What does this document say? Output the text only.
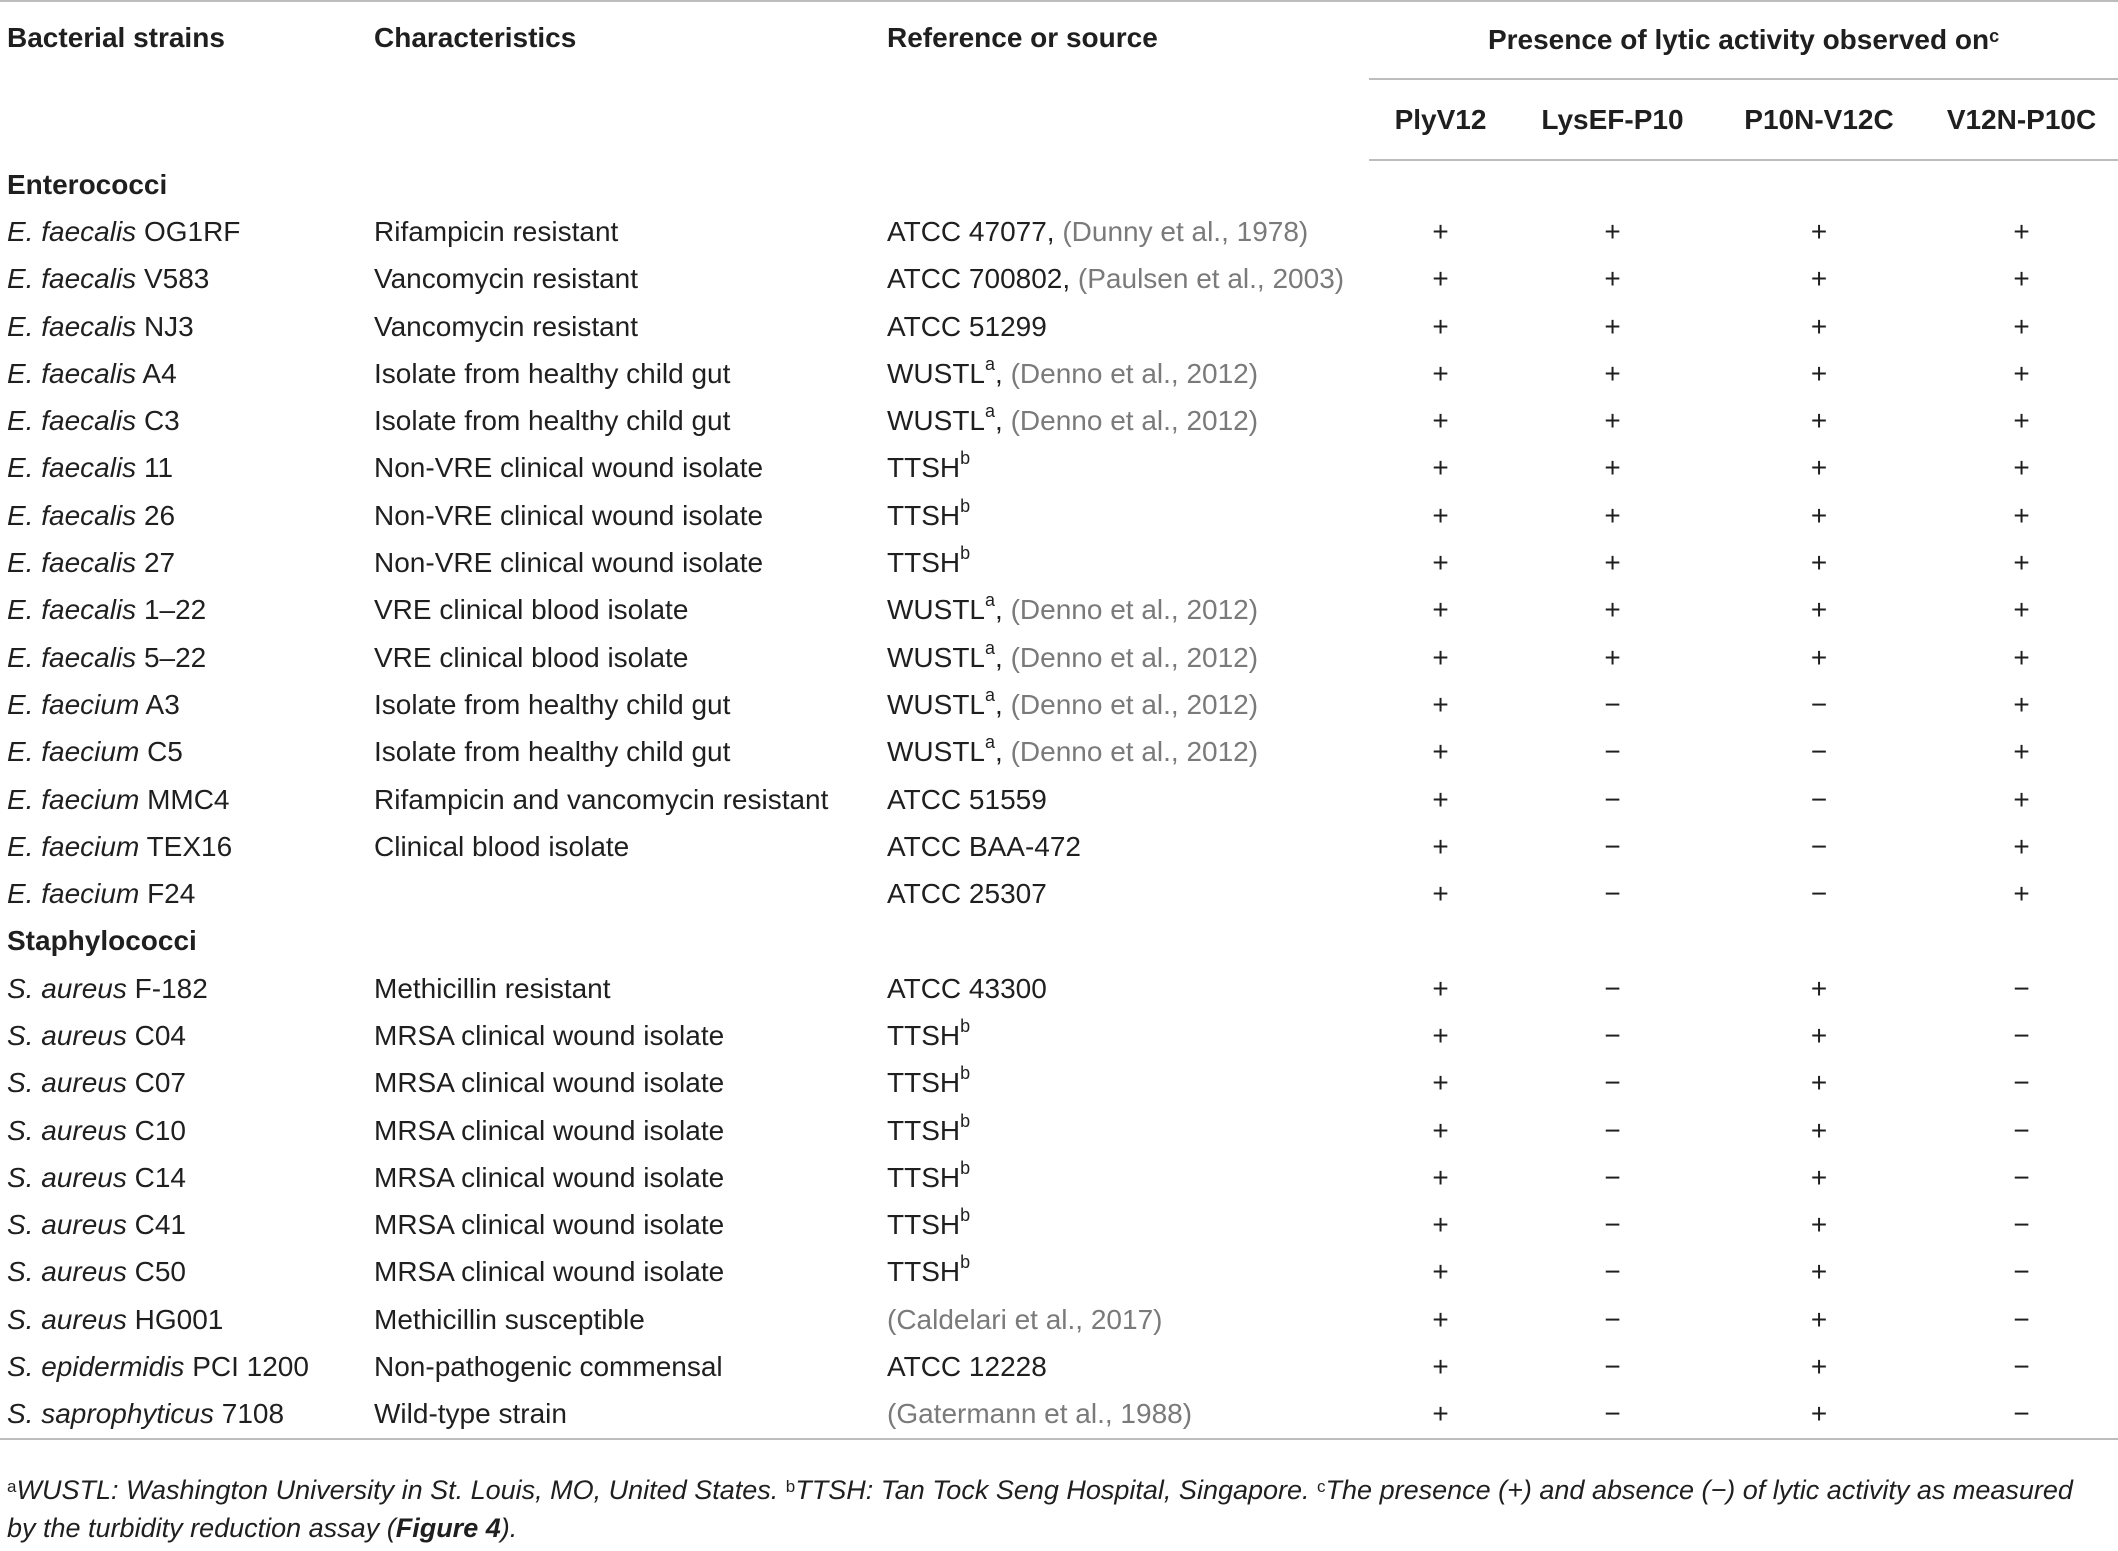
Bacterial strains	Characteristics	Reference or source	Presence of lytic activity observed $on^c$

			PlyV12	LysEF-P10	P10N-V12C	V12N-P10C
Enterococci						
E. faecalis OG1RF	Rifampicin resistant	ATCC 47077, (Dunny et al., 1978)	+	+	+	+
E. faecalis V583	Vancomycin resistant	ATCC 700802, (Paulsen et al., 2003)	+	+	+	+
E. faecalis NJ3	Vancomycin resistant	ATCC 51299	+	+	+	+
E. faecalis A4	Isolate from healthy child gut	WUSTL$^a$, (Denno et al., 2012)	+	+	+	+
E. faecalis C3	Isolate from healthy child gut	WUSTL$^a$, (Denno et al., 2012)	+	+	+	+
E. faecalis 11	Non-VRE clinical wound isolate	$TTSH^b$	+	+	+	+
E. faecalis 26	Non-VRE clinical wound isolate	$TTSH^b$	+	+	+	+
E. faecalis 27	Non-VRE clinical wound isolate	$TTSH^b$	+	+	+	+
E. faecalis 1–22	VRE clinical blood isolate	WUSTL$^a$, (Denno et al., 2012)	+	+	+	+
E. faecalis 5–22	VRE clinical blood isolate	WUSTL$^a$, (Denno et al., 2012)	+	+	+	+
E. faecium A3	Isolate from healthy child gut	WUSTL$^a$, (Denno et al., 2012)	+	−	−	+
E. faecium C5	Isolate from healthy child gut	WUSTL$^a$, (Denno et al., 2012)	+	−	−	+
E. faecium MMC4	Rifampicin and vancomycin resistant	ATCC 51559	+	−	−	+
E. faecium TEX16	Clinical blood isolate	ATCC BAA-472	+	−	−	+
E. faecium F24		ATCC 25307	+	−	−	+
Staphylococci						
S. aureus F-182	Methicillin resistant	ATCC 43300	+	−	+	−
S. aureus C04	MRSA clinical wound isolate	$TTSH^b$	+	−	+	−
S. aureus C07	MRSA clinical wound isolate	$TTSH^b$	+	−	+	−
S. aureus C10	MRSA clinical wound isolate	$TTSH^b$	+	−	+	−
S. aureus C14	MRSA clinical wound isolate	$TTSH^b$	+	−	+	−
S. aureus C41	MRSA clinical wound isolate	$TTSH^b$	+	−	+	−
S. aureus C50	MRSA clinical wound isolate	$TTSH^b$	+	−	+	−
S. aureus HG001	Methicillin susceptible	(Caldelari et al., 2017)	+	−	+	−
S. epidermidis PCI 1200	Non-pathogenic commensal	ATCC 12228	+	−	+	−
S. saprophyticus 7108	Wild-type strain	(Gatermann et al., 1988)	+	−	+	−
$^a$WUSTL: Washington University in St. Louis, MO, United States. $^b$TTSH: Tan Tock Seng Hospital, Singapore. $^c$The presence (+) and absence (−) of lytic activity as measured by the turbidity reduction assay (Figure 4).
